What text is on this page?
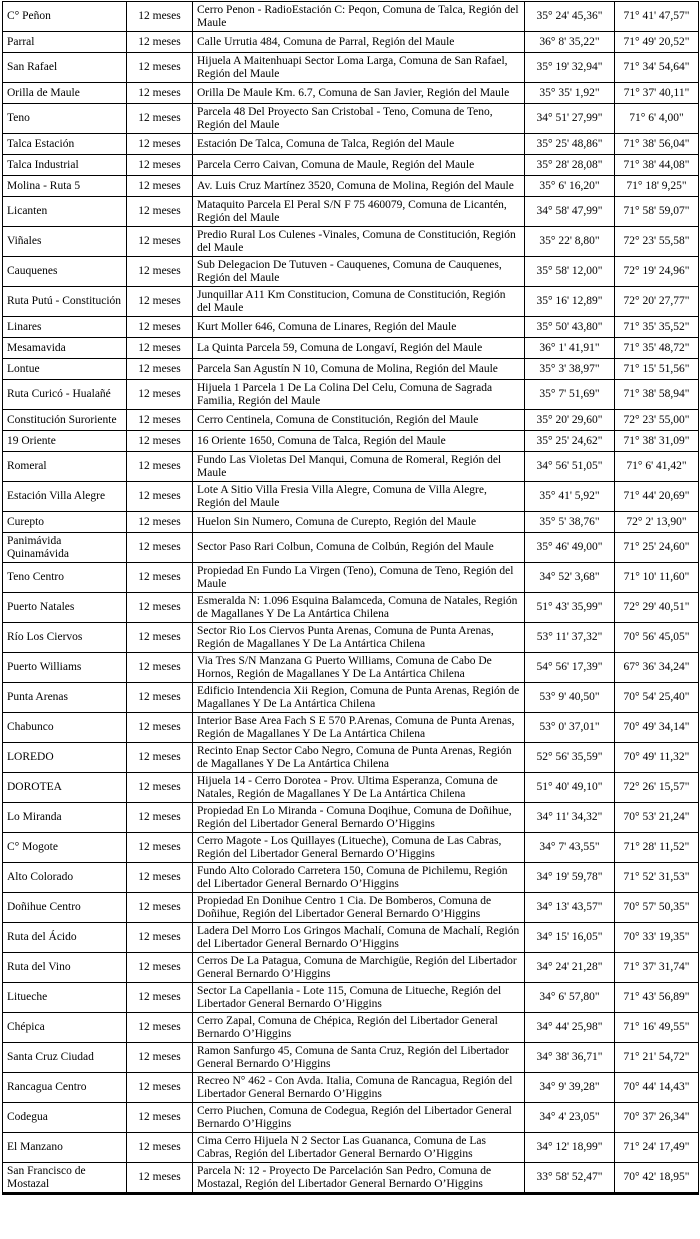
C° Peñon	12 meses	Cerro Penon - RadioEstación C: Peqon, Comuna de Talca, Región del Maule	35° 24' 45,36"	71° 41' 47,57"
Parral	12 meses	Calle Urrutia 484, Comuna de Parral, Región del Maule	36° 8' 35,22"	71° 49' 20,52"
San Rafael	12 meses	Hijuela A Maitenhuapi Sector Loma Larga, Comuna de San Rafael, Región del Maule	35° 19' 32,94"	71° 34' 54,64"
Orilla de Maule	12 meses	Orilla De Maule Km. 6.7, Comuna de San Javier, Región del Maule	35° 35' 1,92"	71° 37' 40,11"
Teno	12 meses	Parcela 48 Del Proyecto San Cristobal - Teno, Comuna de Teno, Región del Maule	34° 51' 27,99"	71° 6' 4,00"
Talca Estación	12 meses	Estación De Talca, Comuna de Talca, Región del Maule	35° 25' 48,86"	71° 38' 56,04"
Talca Industrial	12 meses	Parcela Cerro Caivan, Comuna de Maule, Región del Maule	35° 28' 28,08"	71° 38' 44,08"
Molina - Ruta 5	12 meses	Av. Luis Cruz Martínez 3520, Comuna de Molina, Región del Maule	35° 6' 16,20"	71° 18' 9,25"
Licanten	12 meses	Mataquito Parcela El Peral S/N F 75 460079, Comuna de Licantén, Región del Maule	34° 58' 47,99"	71° 58' 59,07"
Viñales	12 meses	Predio Rural Los Culenes -Vinales, Comuna de Constitución, Región del Maule	35° 22' 8,80"	72° 23' 55,58"
Cauquenes	12 meses	Sub Delegacion De Tutuven - Cauquenes, Comuna de Cauquenes, Región del Maule	35° 58' 12,00"	72° 19' 24,96"
Ruta Putú - Constitución	12 meses	Junquillar A11 Km Constitucion, Comuna de Constitución, Región del Maule	35° 16' 12,89"	72° 20' 27,77"
Linares	12 meses	Kurt Moller 646, Comuna de Linares, Región del Maule	35° 50' 43,80"	71° 35' 35,52"
Mesamavida	12 meses	La Quinta Parcela 59, Comuna de Longaví, Región del Maule	36° 1' 41,91"	71° 35' 48,72"
Lontue	12 meses	Parcela San Agustín N 10, Comuna de Molina, Región del Maule	35° 3' 38,97"	71° 15' 51,56"
Ruta Curicó - Hualañé	12 meses	Hijuela 1 Parcela 1 De La Colina Del Celu, Comuna de Sagrada Familia, Región del Maule	35° 7' 51,69"	71° 38' 58,94"
Constitución Suroriente	12 meses	Cerro Centinela, Comuna de Constitución, Región del Maule	35° 20' 29,60"	72° 23' 55,00"
19 Oriente	12 meses	16 Oriente 1650, Comuna de Talca, Región del Maule	35° 25' 24,62"	71° 38' 31,09"
Romeral	12 meses	Fundo Las Violetas Del Manqui, Comuna de Romeral, Región del Maule	34° 56' 51,05"	71° 6' 41,42"
Estación Villa Alegre	12 meses	Lote A Sitio Villa Fresia Villa Alegre, Comuna de Villa Alegre, Región del Maule	35° 41' 5,92"	71° 44' 20,69"
Curepto	12 meses	Huelon Sin Numero, Comuna de Curepto, Región del Maule	35° 5' 38,76"	72° 2' 13,90"
Panimávida Quinamávida	12 meses	Sector Paso Rari Colbun, Comuna de Colbún, Región del Maule	35° 46' 49,00"	71° 25' 24,60"
Teno Centro	12 meses	Propiedad En Fundo La Virgen (Teno), Comuna de Teno, Región del Maule	34° 52' 3,68"	71° 10' 11,60"
Puerto Natales	12 meses	Esmeralda N: 1.096 Esquina Balamceda, Comuna de Natales, Región de Magallanes Y De La Antártica Chilena	51° 43' 35,99"	72° 29' 40,51"
Río Los Ciervos	12 meses	Sector Rio Los Ciervos Punta Arenas, Comuna de Punta Arenas, Región de Magallanes Y De La Antártica Chilena	53° 11' 37,32"	70° 56' 45,05"
Puerto Williams	12 meses	Via Tres S/N Manzana G Puerto Williams, Comuna de Cabo De Hornos, Región de Magallanes Y De La Antártica Chilena	54° 56' 17,39"	67° 36' 34,24"
Punta Arenas	12 meses	Edificio Intendencia Xii Region, Comuna de Punta Arenas, Región de Magallanes Y De La Antártica Chilena	53° 9' 40,50"	70° 54' 25,40"
Chabunco	12 meses	Interior Base Area Fach S E 570 P.Arenas, Comuna de Punta Arenas, Región de Magallanes Y De La Antártica Chilena	53° 0' 37,01"	70° 49' 34,14"
LOREDO	12 meses	Recinto Enap Sector Cabo Negro, Comuna de Punta Arenas, Región de Magallanes Y De La Antártica Chilena	52° 56' 35,59"	70° 49' 11,32"
DOROTEA	12 meses	Hijuela 14 - Cerro Dorotea - Prov. Ultima Esperanza, Comuna de Natales, Región de Magallanes Y De La Antártica Chilena	51° 40' 49,10"	72° 26' 15,57"
Lo Miranda	12 meses	Propiedad En Lo Miranda - Comuna Doqihue, Comuna de Doñihue, Región del Libertador General Bernardo O’Higgins	34° 11' 34,32"	70° 53' 21,24"
C° Mogote	12 meses	Cerro Magote - Los Quillayes (Litueche), Comuna de Las Cabras, Región del Libertador General Bernardo O’Higgins	34° 7' 43,55"	71° 28' 11,52"
Alto Colorado	12 meses	Fundo Alto Colorado Carretera 150, Comuna de Pichilemu, Región del Libertador General Bernardo O’Higgins	34° 19' 59,78"	71° 52' 31,53"
Doñihue Centro	12 meses	Propiedad En Donihue Centro 1 Cia. De Bomberos, Comuna de Doñihue, Región del Libertador General Bernardo O’Higgins	34° 13' 43,57"	70° 57' 50,35"
Ruta del Ácido	12 meses	Ladera Del Morro Los Gringos Machalí, Comuna de Machalí, Región del Libertador General Bernardo O’Higgins	34° 15' 16,05"	70° 33' 19,35"
Ruta del Vino	12 meses	Cerros De La Patagua, Comuna de Marchigüe, Región del Libertador General Bernardo O’Higgins	34° 24' 21,28"	71° 37' 31,74"
Litueche	12 meses	Sector La Capellania - Lote 115, Comuna de Litueche, Región del Libertador General Bernardo O’Higgins	34° 6' 57,80"	71° 43' 56,89"
Chépica	12 meses	Cerro Zapal, Comuna de Chépica, Región del Libertador General Bernardo O’Higgins	34° 44' 25,98"	71° 16' 49,55"
Santa Cruz Ciudad	12 meses	Ramon Sanfurgo 45, Comuna de Santa Cruz, Región del Libertador General Bernardo O’Higgins	34° 38' 36,71"	71° 21' 54,72"
Rancagua Centro	12 meses	Recreo N° 462 - Con Avda. Italia, Comuna de Rancagua, Región del Libertador General Bernardo O’Higgins	34° 9' 39,28"	70° 44' 14,43"
Codegua	12 meses	Cerro Piuchen, Comuna de Codegua, Región del Libertador General Bernardo O’Higgins	34° 4' 23,05"	70° 37' 26,34"
El Manzano	12 meses	Cima Cerro Hijuela N 2 Sector Las Guananca, Comuna de Las Cabras, Región del Libertador General Bernardo O’Higgins	34° 12' 18,99"	71° 24' 17,49"
San Francisco de Mostazal	12 meses	Parcela N: 12 - Proyecto De Parcelación San Pedro, Comuna de Mostazal, Región del Libertador General Bernardo O’Higgins	33° 58' 52,47"	70° 42' 18,95"
